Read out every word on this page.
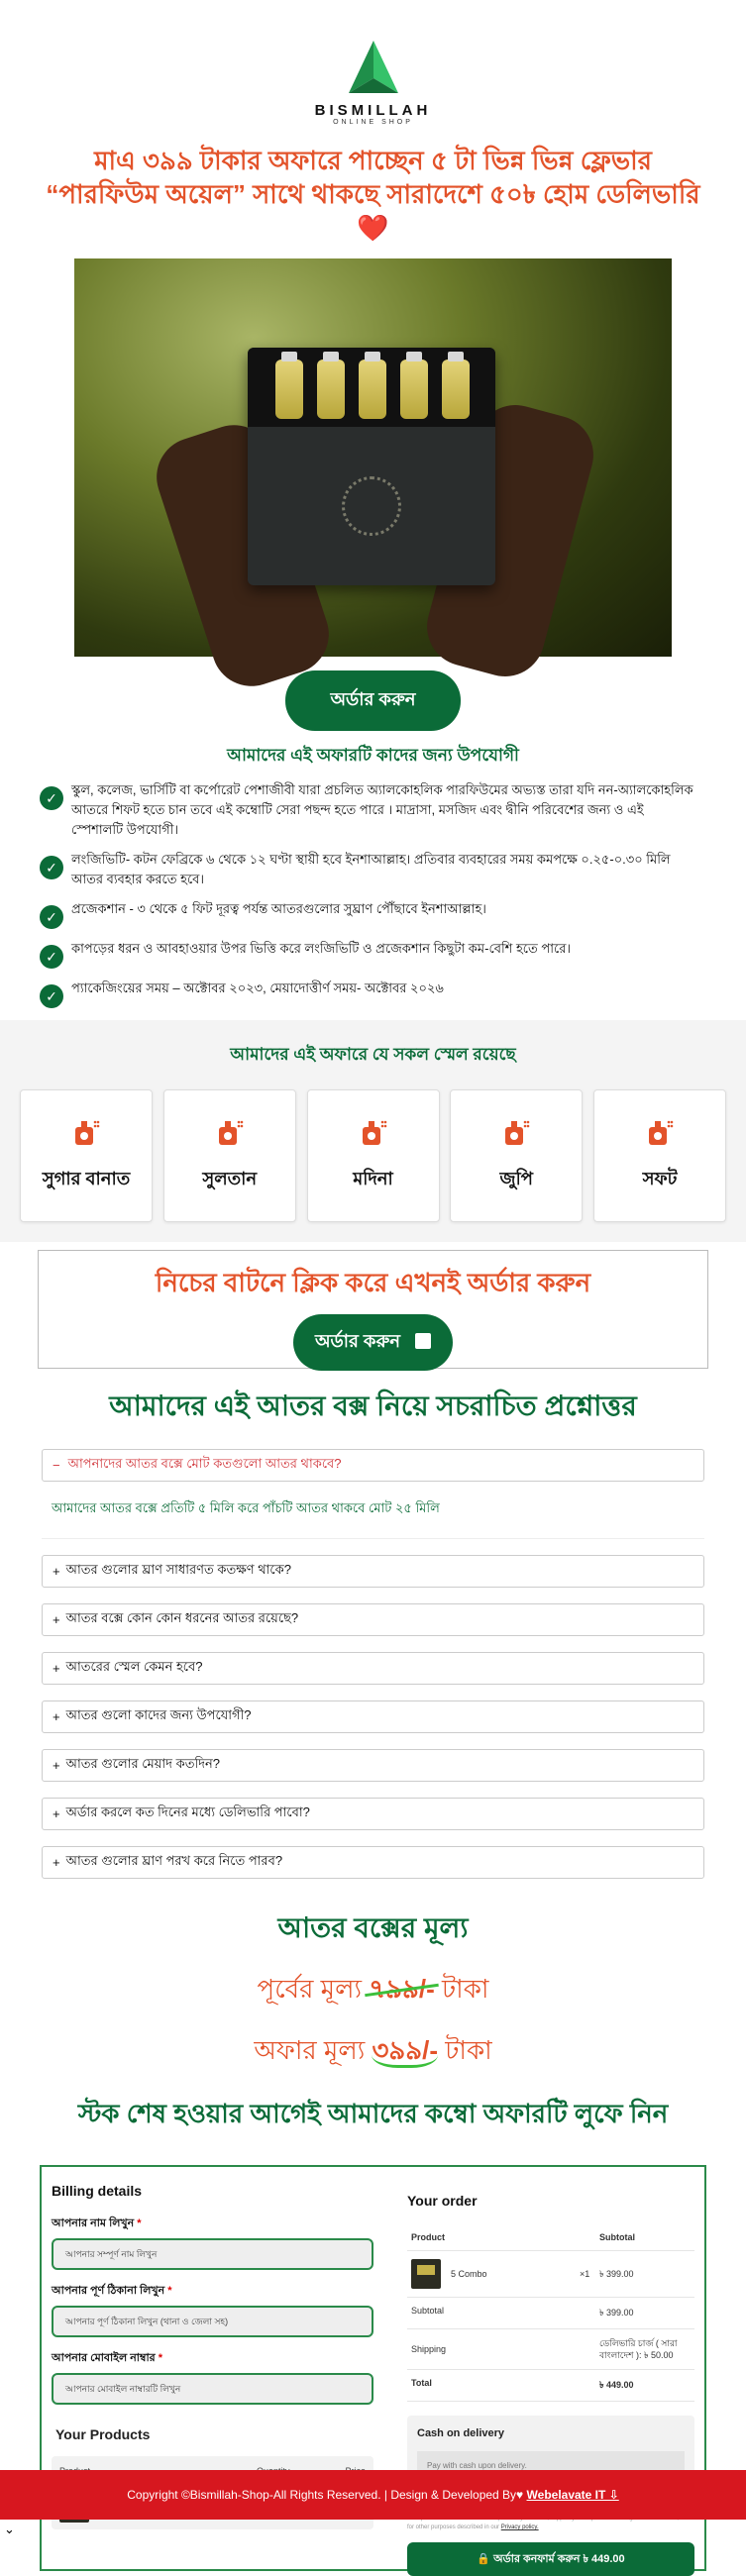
BISMILLAH
ONLINE SHOP
মাএ ৩৯৯ টাকার অফারে পাচ্ছেন ৫ টা ভিন্ন ভিন্ন ফ্লেভার “পারফিউম অয়েল” সাথে থাকছে সারাদেশে ৫০৳ হোম ডেলিভারি❤️
অর্ডার করুন
আমাদের এই অফারটি কাদের জন্য উপযোগী
✓
স্কুল, কলেজ, ভার্সিটি বা কর্পোরেট পেশাজীবী যারা প্রচলিত অ্যালকোহলিক পারফিউমের অভ্যস্ত তারা যদি নন-অ্যালকোহলিক আতরে শিফট হতে চান তবে এই কম্বোটি সেরা পছন্দ হতে পারে । মাদ্রাসা, মসজিদ এবং দ্বীনি পরিবেশের জন্য ও এই স্পেশালটি উপযোগী।
✓
লংজিভিটি- কটন ফেব্রিকে ৬ থেকে ১২ ঘণ্টা স্থায়ী হবে ইনশাআল্লাহ। প্রতিবার ব্যবহারের সময় কমপক্ষে ০.২৫-০.৩০ মিলি আতর ব্যবহার করতে হবে।
✓
প্রজেকশান - ৩ থেকে ৫ ফিট দূরত্ব পর্যন্ত আতরগুলোর সুঘ্রাণ পৌঁছাবে ইনশাআল্লাহ।
✓
কাপড়ের ধরন ও আবহাওয়ার উপর ভিত্তি করে লংজিভিটি ও প্রজেকশান কিছুটা কম-বেশি হতে পারে।
✓
প্যাকেজিংয়ের সময় – অক্টোবর ২০২৩, মেয়াদোত্তীর্ণ সময়- অক্টোবর ২০২৬
আমাদের এই অফারে যে সকল স্মেল রয়েছে
সুগার বানাত	সুলতান	মদিনা	জুপি	সফট
নিচের বাটনে ক্লিক করে এখনই অর্ডার করুন
অর্ডার করুন
আমাদের এই আতর বক্স নিয়ে সচরাচিত প্রশ্নোত্তর
− আপনাদের আতর বক্সে মোট কতগুলো আতর থাকবে?
আমাদের আতর বক্সে প্রতিটি ৫ মিলি করে পাঁচটি আতর থাকবে মোট ২৫ মিলি
+ আতর গুলোর ঘ্রাণ সাধারণত কতক্ষণ থাকে?
+ আতর বক্সে কোন কোন ধরনের আতর রয়েছে?
+ আতরের স্মেল কেমন হবে?
+ আতর গুলো কাদের জন্য উপযোগী?
+ আতর গুলোর মেয়াদ কতদিন?
+ অর্ডার করলে কত দিনের মধ্যে ডেলিভারি পাবো?
+ আতর গুলোর ঘ্রাণ পরখ করে নিতে পারব?
আতর বক্সের মূল্য
পূর্বের মূল্য ৭৯৯/- টাকা
অফার মূল্য ৩৯৯/- টাকা
স্টক শেষ হওয়ার আগেই আমাদের কম্বো অফারটি লুফে নিন
Billing details
আপনার নাম লিখুন *
আপনার সম্পূর্ণ নাম লিখুন
আপনার পূর্ণ ঠিকানা লিখুন *
আপনার পূর্ণ ঠিকানা লিখুন (থানা ও জেলা সহ)
আপনার মোবাইল নাম্বার *
আপনার মোবাইল নাম্বারটি লিখুন
Your Products
Your order
Product	Subtotal
5 Combo	×1	৳ 399.00
Subtotal	৳ 399.00
Shipping
ডেলিভারি চার্জ ( সারা বাংলাদেশ ): ৳ 50.00
Total	৳ 449.00
Cash on delivery
Pay with cash upon delivery.
for other purposes described in our Privacy policy.
🔒 অর্ডার কনফার্ম করুন ৳ 449.00
Copyright ©Bismillah-Shop-All Rights Reserved. | Design & Developed By♥ Webelavate IT ⇩
⌄
